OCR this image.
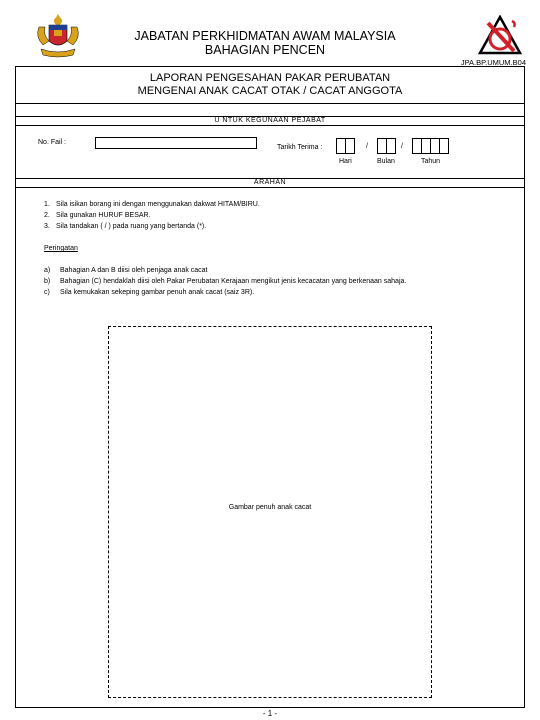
JABATAN PERKHIDMATAN AWAM MALAYSIA
BAHAGIAN PENCEN
JPA.BP.UMUM.B04
LAPORAN PENGESAHAN PAKAR PERUBATAN
MENGENAI ANAK CACAT OTAK / CACAT ANGGOTA
U NTUK KEGUNAAN PEJABAT
No. Fail :
Tarikh Terima :	/	/
Hari	Bulan	Tahun
ARAHAN
1. Sila isikan borang ini dengan menggunakan dakwat HITAM/BIRU.
2. Sila gunakan HURUF BESAR.
3. Sila tandakan ( / ) pada ruang yang bertanda (*).
Peringatan
a) Bahagian A dan B diisi oleh penjaga anak cacat
b) Bahagian (C) hendaklah diisi oleh Pakar Perubatan Kerajaan mengikut jenis kecacatan yang berkenaan sahaja.
c) Sila kemukakan sekeping gambar penuh anak cacat (saiz 3R).
Gambar penuh anak cacat
- 1 -
